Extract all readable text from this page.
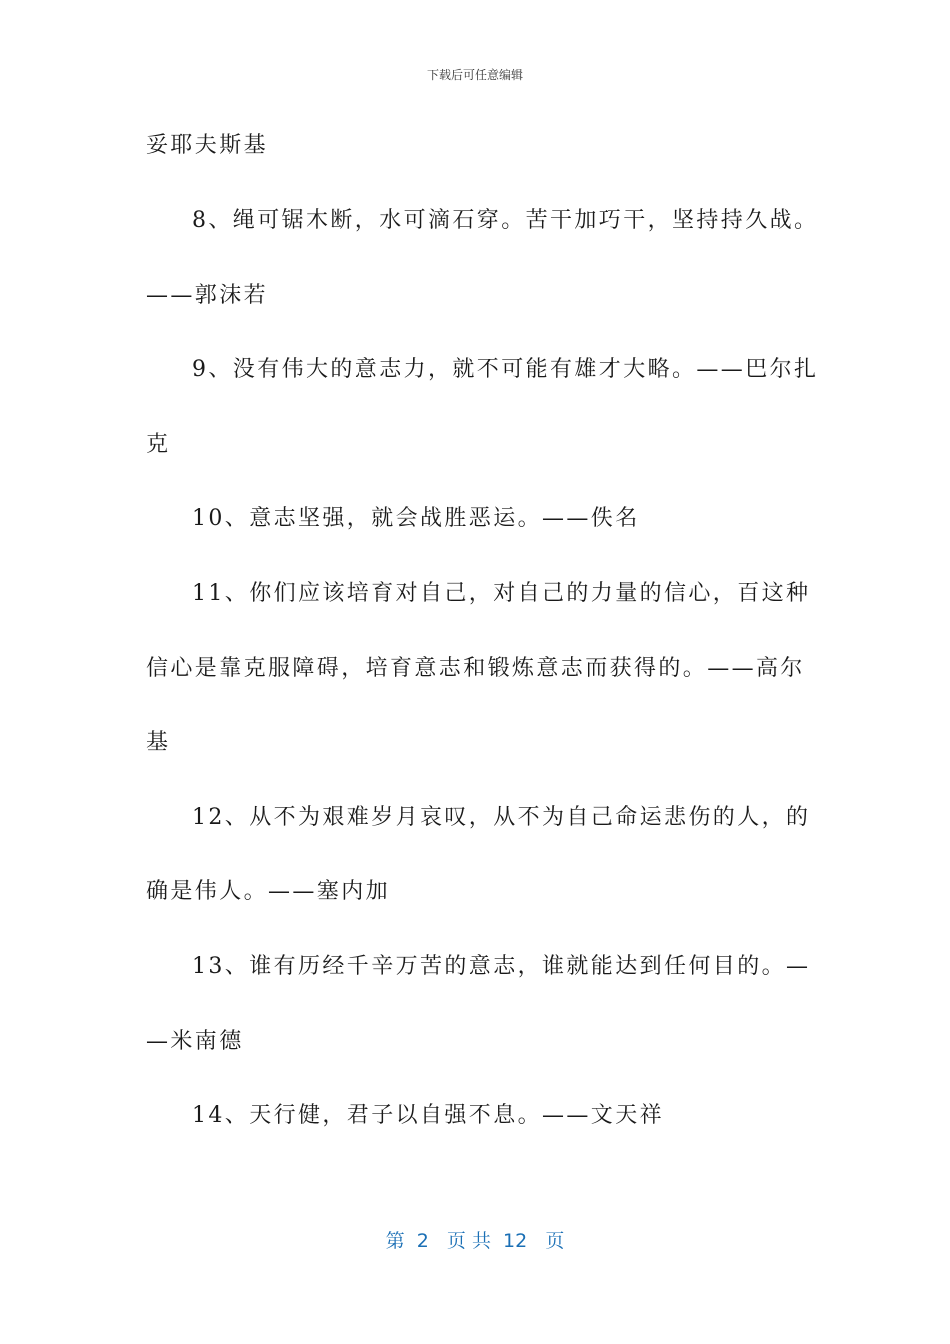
下载后可任意编辑
妥耶夫斯基
8、绳可锯木断，水可滴石穿。苦干加巧干，坚持持久战。
——郭沫若
9、没有伟大的意志力，就不可能有雄才大略。——巴尔扎
克
10、意志坚强，就会战胜恶运。——佚名
11、你们应该培育对自己，对自己的力量的信心，百这种
信心是靠克服障碍，培育意志和锻炼意志而获得的。——高尔
基
12、从不为艰难岁月哀叹，从不为自己命运悲伤的人，的
确是伟人。——塞内加
13、谁有历经千辛万苦的意志，谁就能达到任何目的。—
—米南德
14、天行健，君子以自强不息。——文天祥
第  2   页 共  12   页
